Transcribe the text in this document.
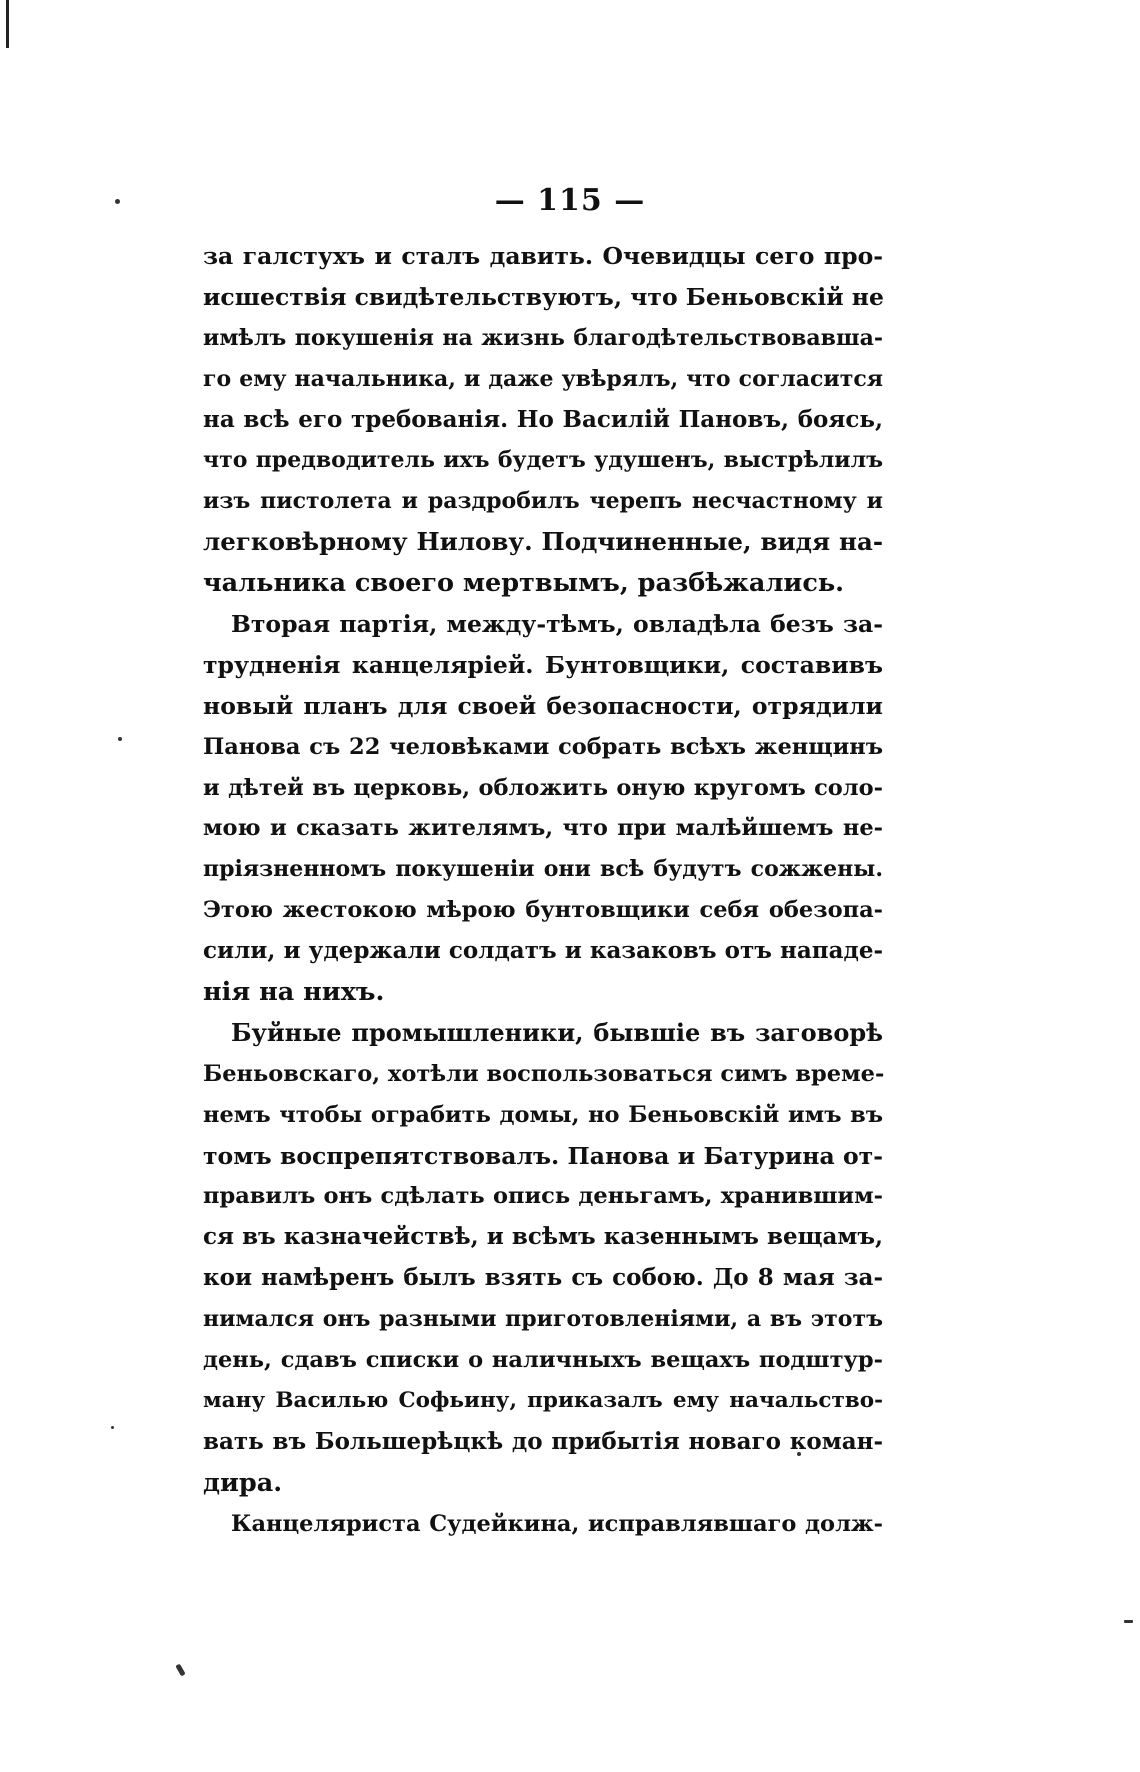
— 115 —
за галстухъ и сталъ давить. Очевидцы сего про-
исшествія свидѣтельствуютъ, что Беньовскій не
имѣлъ покушенія на жизнь благодѣтельствовавша-
го ему начальника, и даже увѣрялъ, что согласится
на всѣ его требованія. Но Василій Пановъ, боясь,
что предводитель ихъ будетъ удушенъ, выстрѣлилъ
изъ пистолета и раздробилъ черепъ несчастному и
легковѣрному Нилову. Подчиненные, видя на-
чальника своего мертвымъ, разбѣжались.
Вторая партія, между-тѣмъ, овладѣла безъ за-
трудненія канцеляріей. Бунтовщики, составивъ
новый планъ для своей безопасности, отрядили
Панова съ 22 человѣками собрать всѣхъ женщинъ
и дѣтей въ церковь, обложить оную кругомъ соло-
мою и сказать жителямъ, что при малѣйшемъ не-
пріязненномъ покушеніи они всѣ будутъ сожжены.
Этою жестокою мѣрою бунтовщики себя обезопа-
сили, и удержали солдатъ и казаковъ отъ нападе-
нія на нихъ.
Буйные промышленики, бывшіе въ заговорѣ
Беньовскаго, хотѣли воспользоваться симъ време-
немъ чтобы ограбить домы, но Беньовскій имъ въ
томъ воспрепятствовалъ. Панова и Батурина от-
правилъ онъ сдѣлать опись деньгамъ, хранившим-
ся въ казначействѣ, и всѣмъ казеннымъ вещамъ,
кои намѣренъ былъ взять съ собою. До 8 мая за-
нимался онъ разными приготовленіями, а въ этотъ
день, сдавъ списки о наличныхъ вещахъ подштур-
ману Василью Софьину, приказалъ ему начальство-
вать въ Большерѣцкѣ до прибытія новаго коман-
дира.
Канцеляриста Судейкина, исправлявшаго долж-
